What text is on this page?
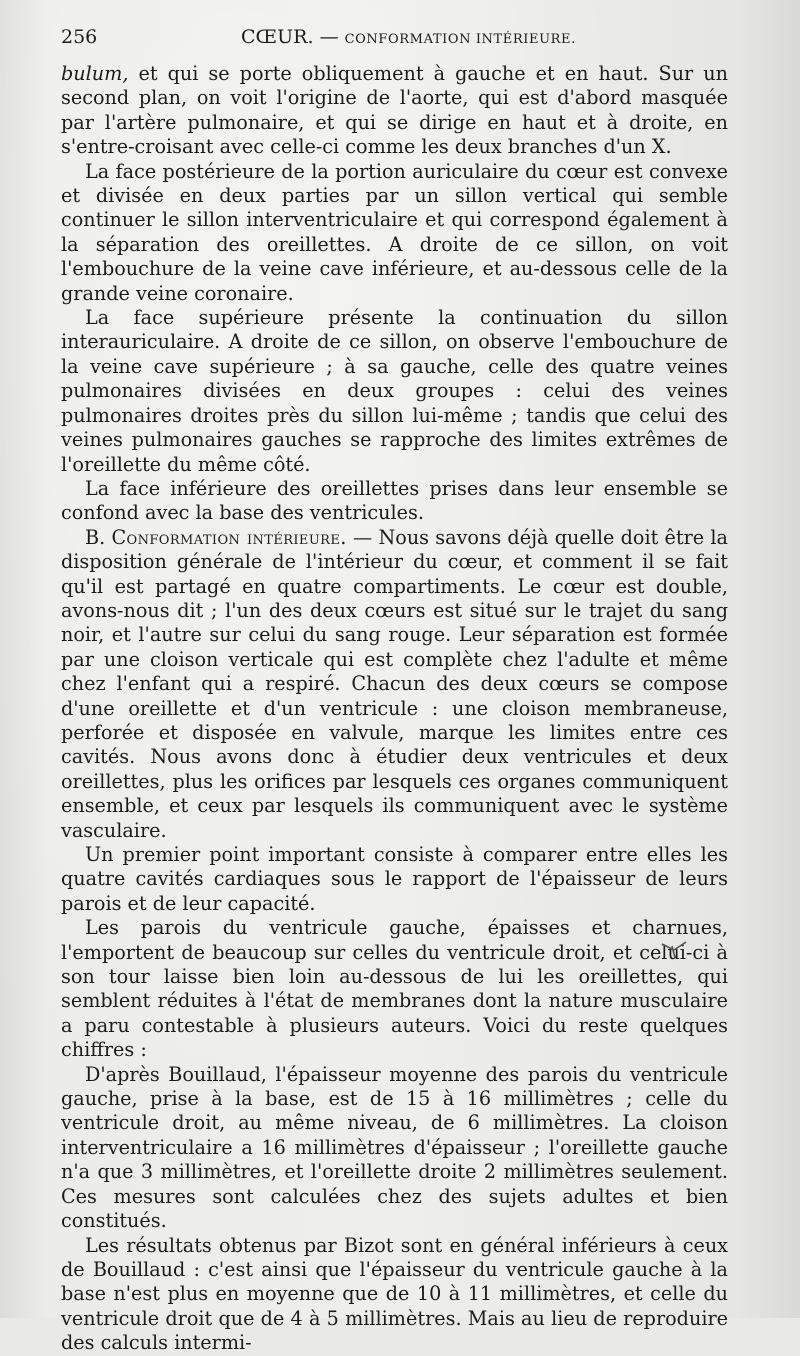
256	CŒUR. — CONFORMATION INTÉRIEURE.

bulum, et qui se porte obliquement à gauche et en haut. Sur un second plan, on voit l'origine de l'aorte, qui est d'abord masquée par l'artère pulmonaire, et qui se dirige en haut et à droite, en s'entre-croisant avec celle-ci comme les deux branches d'un X.

La face postérieure de la portion auriculaire du cœur est convexe et divisée en deux parties par un sillon vertical qui semble continuer le sillon interventriculaire et qui correspond également à la séparation des oreillettes. A droite de ce sillon, on voit l'embouchure de la veine cave inférieure, et au-dessous celle de la grande veine coronaire.

La face supérieure présente la continuation du sillon interauriculaire. A droite de ce sillon, on observe l'embouchure de la veine cave supérieure ; à sa gauche, celle des quatre veines pulmonaires divisées en deux groupes : celui des veines pulmonaires droites près du sillon lui-même ; tandis que celui des veines pulmonaires gauches se rapproche des limites extrêmes de l'oreillette du même côté.

La face inférieure des oreillettes prises dans leur ensemble se confond avec la base des ventricules.

B. Conformation intérieure. — Nous savons déjà quelle doit être la disposition générale de l'intérieur du cœur, et comment il se fait qu'il est partagé en quatre compartiments. Le cœur est double, avons-nous dit ; l'un des deux cœurs est situé sur le trajet du sang noir, et l'autre sur celui du sang rouge. Leur séparation est formée par une cloison verticale qui est complète chez l'adulte et même chez l'enfant qui a respiré. Chacun des deux cœurs se compose d'une oreillette et d'un ventricule : une cloison membraneuse, perforée et disposée en valvule, marque les limites entre ces cavités. Nous avons donc à étudier deux ventricules et deux oreillettes, plus les orifices par lesquels ces organes communiquent ensemble, et ceux par lesquels ils communiquent avec le système vasculaire.

Un premier point important consiste à comparer entre elles les quatre cavités cardiaques sous le rapport de l'épaisseur de leurs parois et de leur capacité.

Les parois du ventricule gauche, épaisses et charnues, l'emportent de beaucoup sur celles du ventricule droit, et celui-ci à son tour laisse bien loin au-dessous de lui les oreillettes, qui semblent réduites à l'état de membranes dont la nature musculaire a paru contestable à plusieurs auteurs. Voici du reste quelques chiffres :

D'après Bouillaud, l'épaisseur moyenne des parois du ventricule gauche, prise à la base, est de 15 à 16 millimètres ; celle du ventricule droit, au même niveau, de 6 millimètres. La cloison interventriculaire a 16 millimètres d'épaisseur ; l'oreillette gauche n'a que 3 millimètres, et l'oreillette droite 2 millimètres seulement. Ces mesures sont calculées chez des sujets adultes et bien constitués.

Les résultats obtenus par Bizot sont en général inférieurs à ceux de Bouillaud : c'est ainsi que l'épaisseur du ventricule gauche à la base n'est plus en moyenne que de 10 à 11 millimètres, et celle du ventricule droit que de 4 à 5 millimètres. Mais au lieu de reproduire des calculs intermi-
